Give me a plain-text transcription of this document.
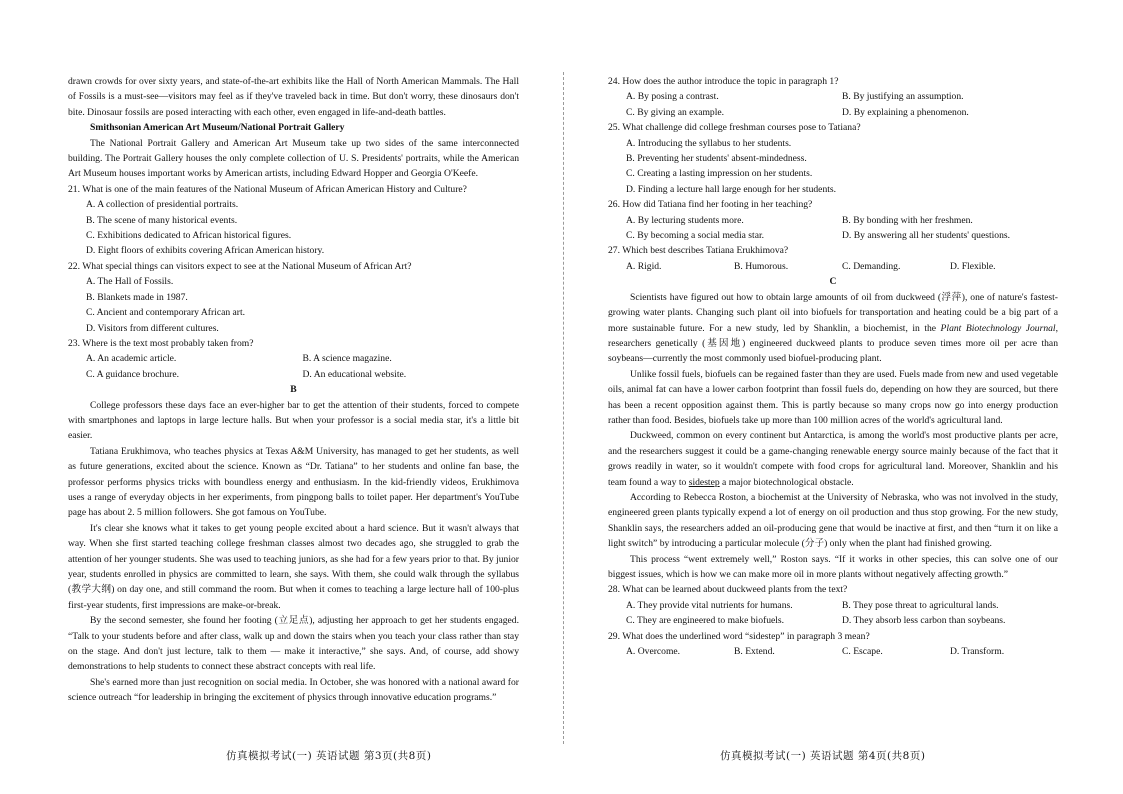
drawn crowds for over sixty years, and state-of-the-art exhibits like the Hall of North American Mammals. The Hall of Fossils is a must-see—visitors may feel as if they've traveled back in time. But don't worry, these dinosaurs don't bite. Dinosaur fossils are posed interacting with each other, even engaged in life-and-death battles.

Smithsonian American Art Museum/National Portrait Gallery

The National Portrait Gallery and American Art Museum take up two sides of the same interconnected building. The Portrait Gallery houses the only complete collection of U. S. Presidents' portraits, while the American Art Museum houses important works by American artists, including Edward Hopper and Georgia O'Keefe.

21. What is one of the main features of the National Museum of African American History and Culture?

A. A collection of presidential portraits.

B. The scene of many historical events.

C. Exhibitions dedicated to African historical figures.

D. Eight floors of exhibits covering African American history.

22. What special things can visitors expect to see at the National Museum of African Art?

A. The Hall of Fossils.

B. Blankets made in 1987.

C. Ancient and contemporary African art.

D. Visitors from different cultures.

23. Where is the text most probably taken from?

A. An academic article.	B. A science magazine.

C. A guidance brochure.	D. An educational website.

B

College professors these days face an ever-higher bar to get the attention of their students, forced to compete with smartphones and laptops in large lecture halls. But when your professor is a social media star, it's a little bit easier.

Tatiana Erukhimova, who teaches physics at Texas A&M University, has managed to get her students, as well as future generations, excited about the science. Known as “Dr. Tatiana” to her students and online fan base, the professor performs physics tricks with boundless energy and enthusiasm. In the kid-friendly videos, Erukhimova uses a range of everyday objects in her experiments, from pingpong balls to toilet paper. Her department's YouTube page has about 2. 5 million followers. She got famous on YouTube.

It's clear she knows what it takes to get young people excited about a hard science. But it wasn't always that way. When she first started teaching college freshman classes almost two decades ago, she struggled to grab the attention of her younger students. She was used to teaching juniors, as she had for a few years prior to that. By junior year, students enrolled in physics are committed to learn, she says. With them, she could walk through the syllabus (教学大纲) on day one, and still command the room. But when it comes to teaching a large lecture hall of 100-plus first-year students, first impressions are make-or-break.

By the second semester, she found her footing (立足点), adjusting her approach to get her students engaged. “Talk to your students before and after class, walk up and down the stairs when you teach your class rather than stay on the stage. And don't just lecture, talk to them — make it interactive,” she says. And, of course, add showy demonstrations to help students to connect these abstract concepts with real life.

She's earned more than just recognition on social media. In October, she was honored with a national award for science outreach “for leadership in bringing the excitement of physics through innovative education programs.”

24. How does the author introduce the topic in paragraph 1?

A. By posing a contrast.	B. By justifying an assumption.

C. By giving an example.	D. By explaining a phenomenon.

25. What challenge did college freshman courses pose to Tatiana?

A. Introducing the syllabus to her students.

B. Preventing her students' absent-mindedness.

C. Creating a lasting impression on her students.

D. Finding a lecture hall large enough for her students.

26. How did Tatiana find her footing in her teaching?

A. By lecturing students more.	B. By bonding with her freshmen.

C. By becoming a social media star.	D. By answering all her students' questions.

27. Which best describes Tatiana Erukhimova?

A. Rigid.	B. Humorous.	C. Demanding.	D. Flexible.

C

Scientists have figured out how to obtain large amounts of oil from duckweed (浮萍), one of nature's fastest-growing water plants. Changing such plant oil into biofuels for transportation and heating could be a big part of a more sustainable future. For a new study, led by Shanklin, a biochemist, in the Plant Biotechnology Journal, researchers genetically (基因地) engineered duckweed plants to produce seven times more oil per acre than soybeans—currently the most commonly used biofuel-producing plant.

Unlike fossil fuels, biofuels can be regained faster than they are used. Fuels made from new and used vegetable oils, animal fat can have a lower carbon footprint than fossil fuels do, depending on how they are sourced, but there has been a recent opposition against them. This is partly because so many crops now go into energy production rather than food. Besides, biofuels take up more than 100 million acres of the world's agricultural land.

Duckweed, common on every continent but Antarctica, is among the world's most productive plants per acre, and the researchers suggest it could be a game-changing renewable energy source mainly because of the fact that it grows readily in water, so it wouldn't compete with food crops for agricultural land. Moreover, Shanklin and his team found a way to sidestep a major biotechnological obstacle.

According to Rebecca Roston, a biochemist at the University of Nebraska, who was not involved in the study, engineered green plants typically expend a lot of energy on oil production and thus stop growing. For the new study, Shanklin says, the researchers added an oil-producing gene that would be inactive at first, and then “turn it on like a light switch” by introducing a particular molecule (分子) only when the plant had finished growing.

This process “went extremely well,” Roston says. “If it works in other species, this can solve one of our biggest issues, which is how we can make more oil in more plants without negatively affecting growth.”

28. What can be learned about duckweed plants from the text?

A. They provide vital nutrients for humans.	B. They pose threat to agricultural lands.

C. They are engineered to make biofuels.	D. They absorb less carbon than soybeans.

29. What does the underlined word “sidestep” in paragraph 3 mean?

A. Overcome.	B. Extend.	C. Escape.	D. Transform.

仿真模拟考试(一) 英语试题 第3页(共8页)	仿真模拟考试(一) 英语试题 第4页(共8页)
